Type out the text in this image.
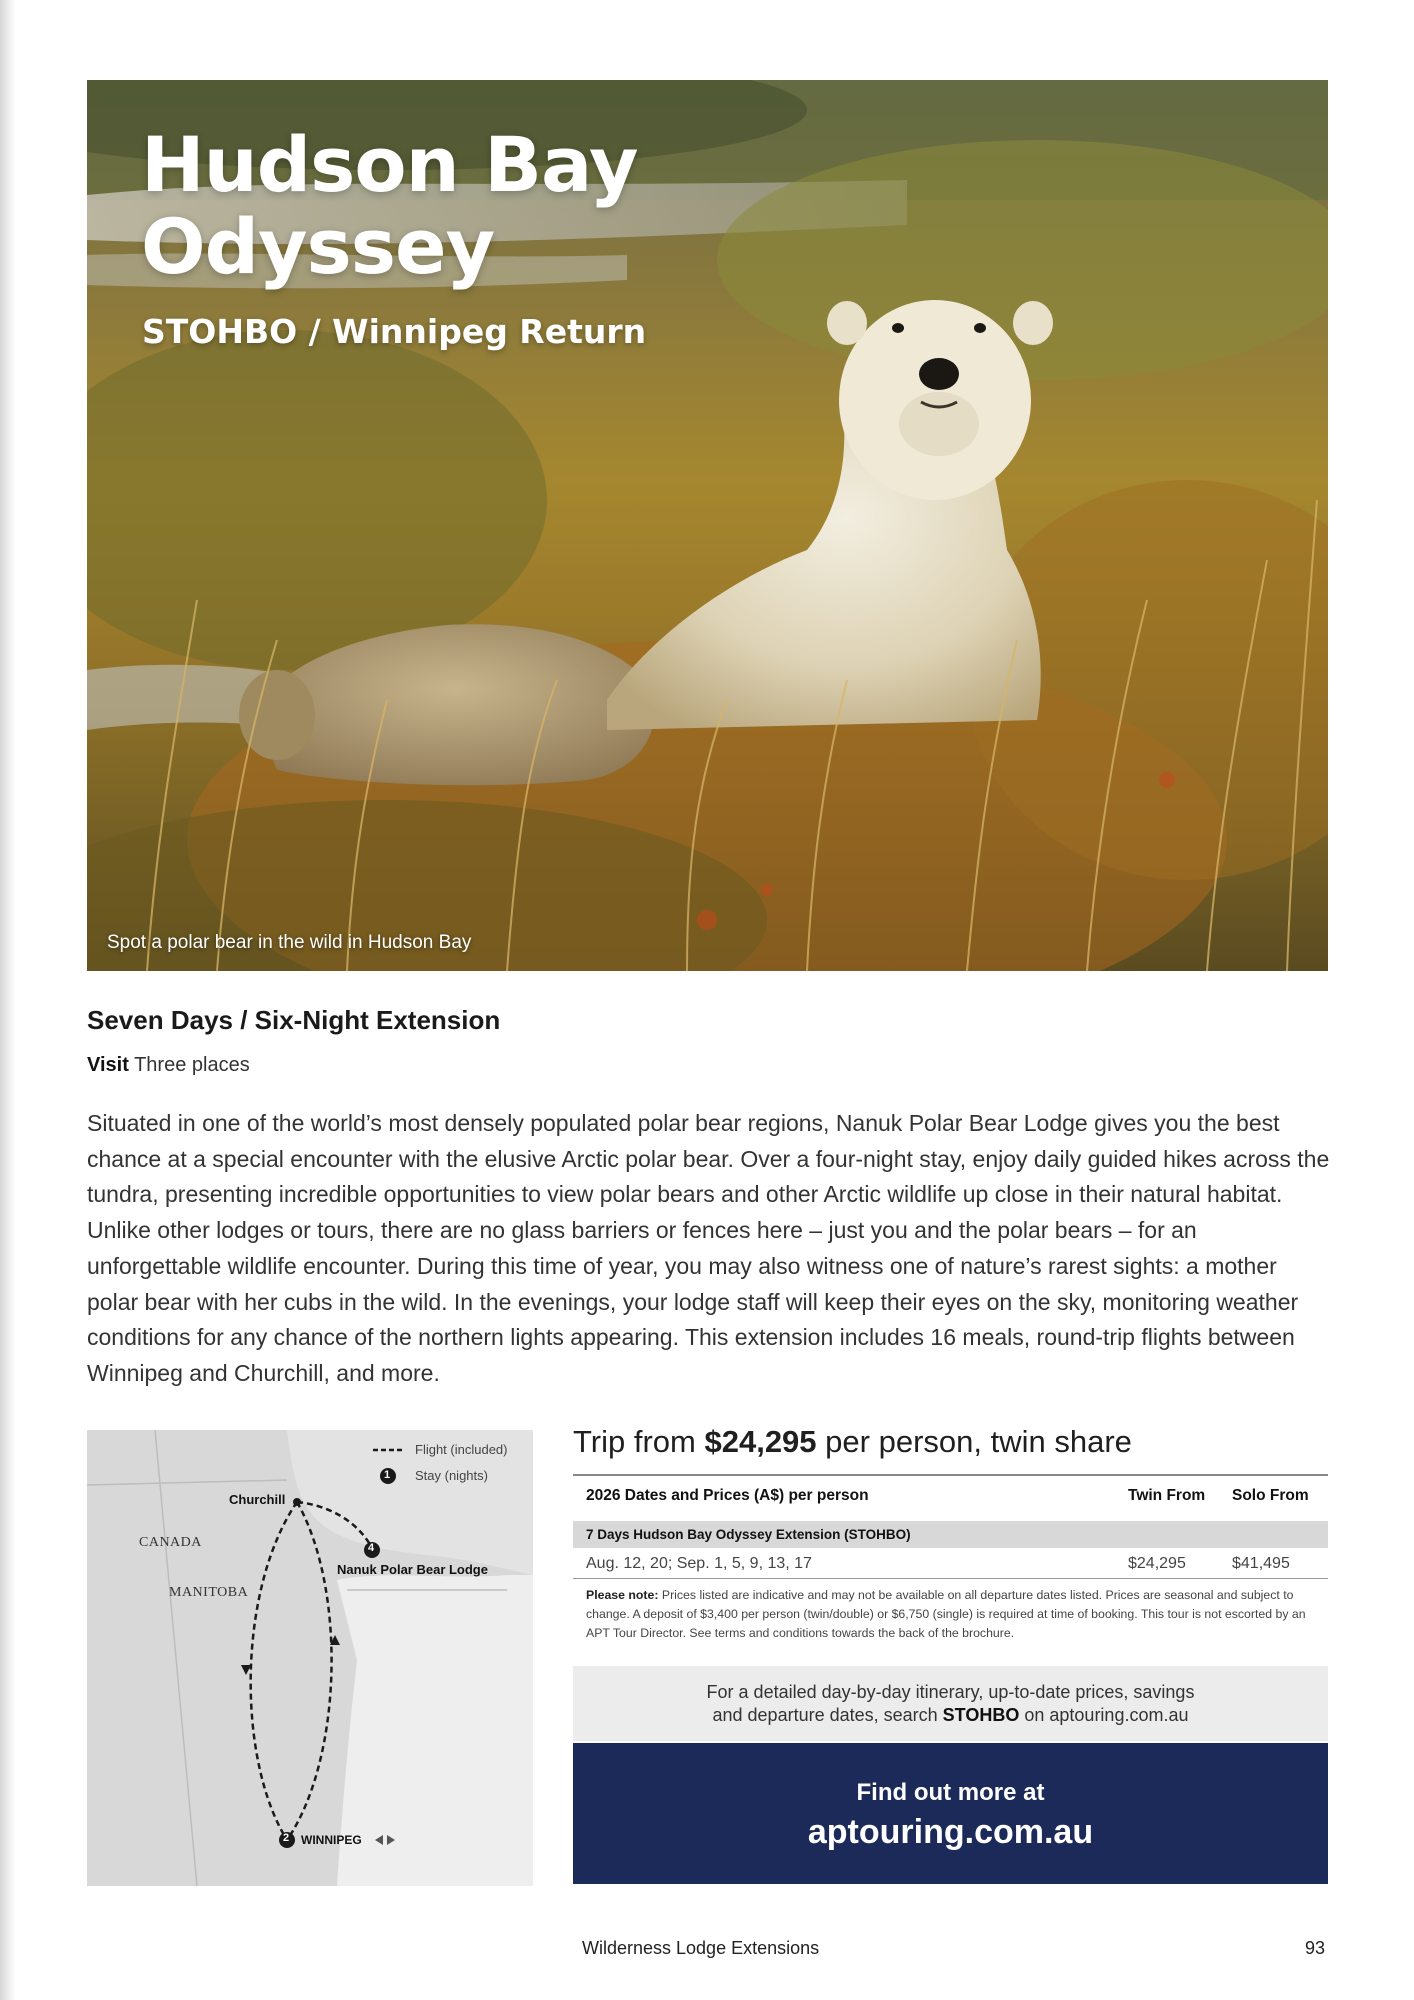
Hudson Bay
Odyssey

STOHBO / Winnipeg Return

Spot a polar bear in the wild in Hudson Bay
Seven Days / Six-Night Extension
Visit Three places

Situated in one of the world’s most densely populated polar bear regions, Nanuk Polar Bear Lodge gives you the best chance at a special encounter with the elusive Arctic polar bear. Over a four-night stay, enjoy daily guided hikes across the tundra, presenting incredible opportunities to view polar bears and other Arctic wildlife up close in their natural habitat. Unlike other lodges or tours, there are no glass barriers or fences here – just you and the polar bears – for an unforgettable wildlife encounter. During this time of year, you may also witness one of nature’s rarest sights: a mother polar bear with her cubs in the wild. In the evenings, your lodge staff will keep their eyes on the sky, monitoring weather conditions for any chance of the northern lights appearing. This extension includes 16 meals, round-trip flights between Winnipeg and Churchill, and more.

Flight (included)
1 Stay (nights)
CANADA
MANITOBA
Churchill
4
Nanuk Polar Bear Lodge
2 WINNIPEG
Trip from $24,295 per person, twin share
2026 Dates and Prices (A$) per person	Twin From Solo From
7 Days Hudson Bay Odyssey Extension (STOHBO)
Aug. 12, 20; Sep. 1, 5, 9, 13, 17	$24,295	$41,495

Please note: Prices listed are indicative and may not be available on all departure dates listed. Prices are seasonal and subject to change. A deposit of $3,400 per person (twin/double) or $6,750 (single) is required at time of booking. This tour is not escorted by an APT Tour Director. See terms and conditions towards the back of the brochure.

For a detailed day-by-day itinerary, up-to-date prices, savings
and departure dates, search STOHBO on aptouring.com.au
Find out more at
aptouring.com.au
Wilderness Lodge Extensions	93
